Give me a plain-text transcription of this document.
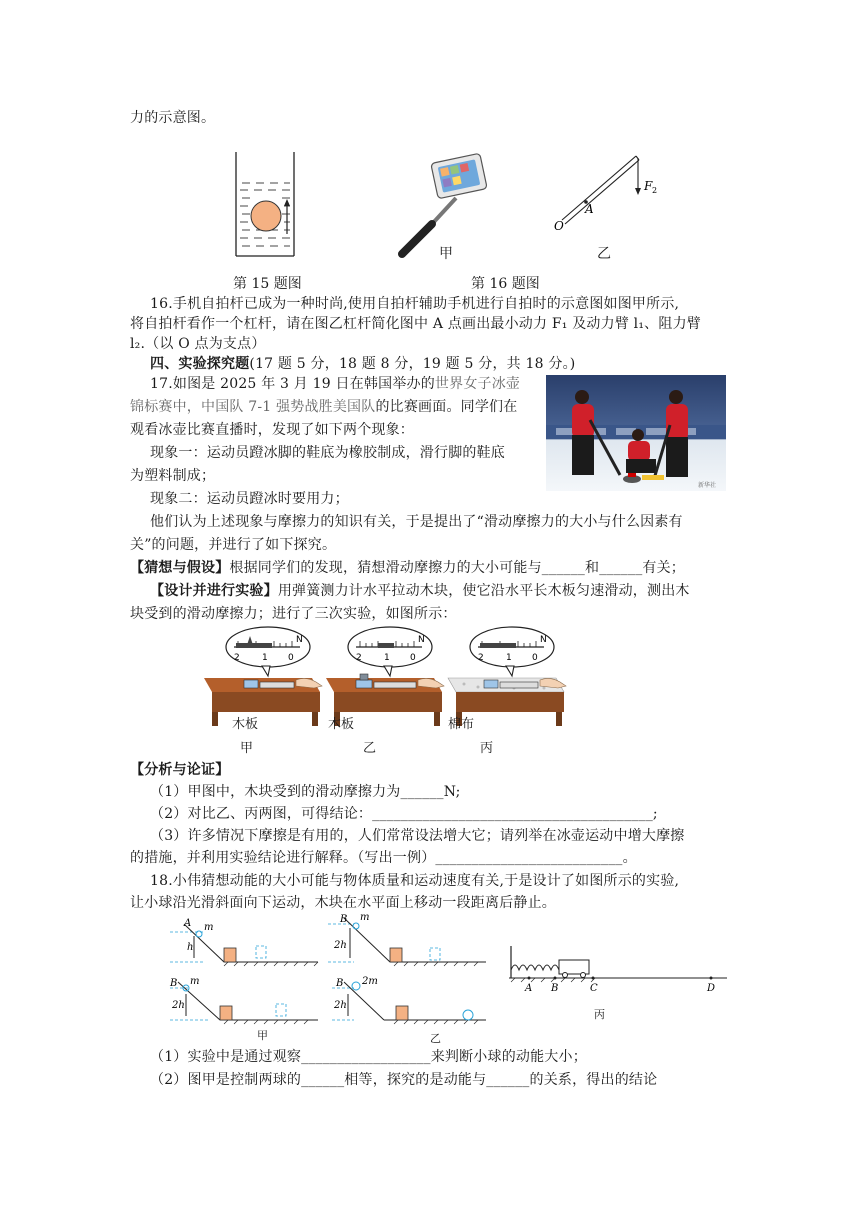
力的示意图。
甲
O
A
F 2
乙
第 15 题图	第 16 题图
16.手机自拍杆已成为一种时尚,使用自拍杆辅助手机进行自拍时的示意图如图甲所示,
将自拍杆看作一个杠杆，请在图乙杠杆简化图中 A 点画出最小动力 F₁ 及动力臂 l₁、阻力臂
l₂.（以 O 点为支点）
四、实验探究题(17 题 5 分，18 题 8 分，19 题 5 分，共 18 分。)
17.如图是 2025 年 3 月 19 日在韩国举办的世界女子冰壶
锦标赛中，中国队 7-1 强势战胜美国队的比赛画面。同学们在
观看冰壶比赛直播时，发现了如下两个现象：
现象一：运动员蹬冰脚的鞋底为橡胶制成，滑行脚的鞋底
为塑料制成；
新华社
现象二：运动员蹬冰时要用力；
他们认为上述现象与摩擦力的知识有关，于是提出了“滑动摩擦力的大小与什么因素有
关”的问题，并进行了如下探究。
【猜想与假设】根据同学们的发现，猜想滑动摩擦力的大小可能与______和______有关；
【设计并进行实验】用弹簧测力计水平拉动木块，使它沿水平长木板匀速滑动，测出木
块受到的滑动摩擦力；进行了三次实验，如图所示：
2 1 0
N
2 1 0
N
2 1 0
N
木板	木板	棉布
甲	乙	丙
【分析与论证】
（1）甲图中，木块受到的滑动摩擦力为______N;
（2）对比乙、丙两图，可得结论：_______________________________________;
（3）许多情况下摩擦是有用的，人们常常设法增大它；请列举在冰壶运动中增大摩擦
的措施，并利用实验结论进行解释。（写出一例）__________________________。
18.小伟猜想动能的大小可能与物体质量和运动速度有关,于是设计了如图所示的实验,
让小球沿光滑斜面向下运动，木块在水平面上移动一段距离后静止。
A m
h
B m
2h
B m
2h
B 2m
2h
甲	乙
A B	C	D
丙
（1）实验中是通过观察__________________来判断小球的动能大小；
（2）图甲是控制两球的______相等，探究的是动能与______的关系，得出的结论
